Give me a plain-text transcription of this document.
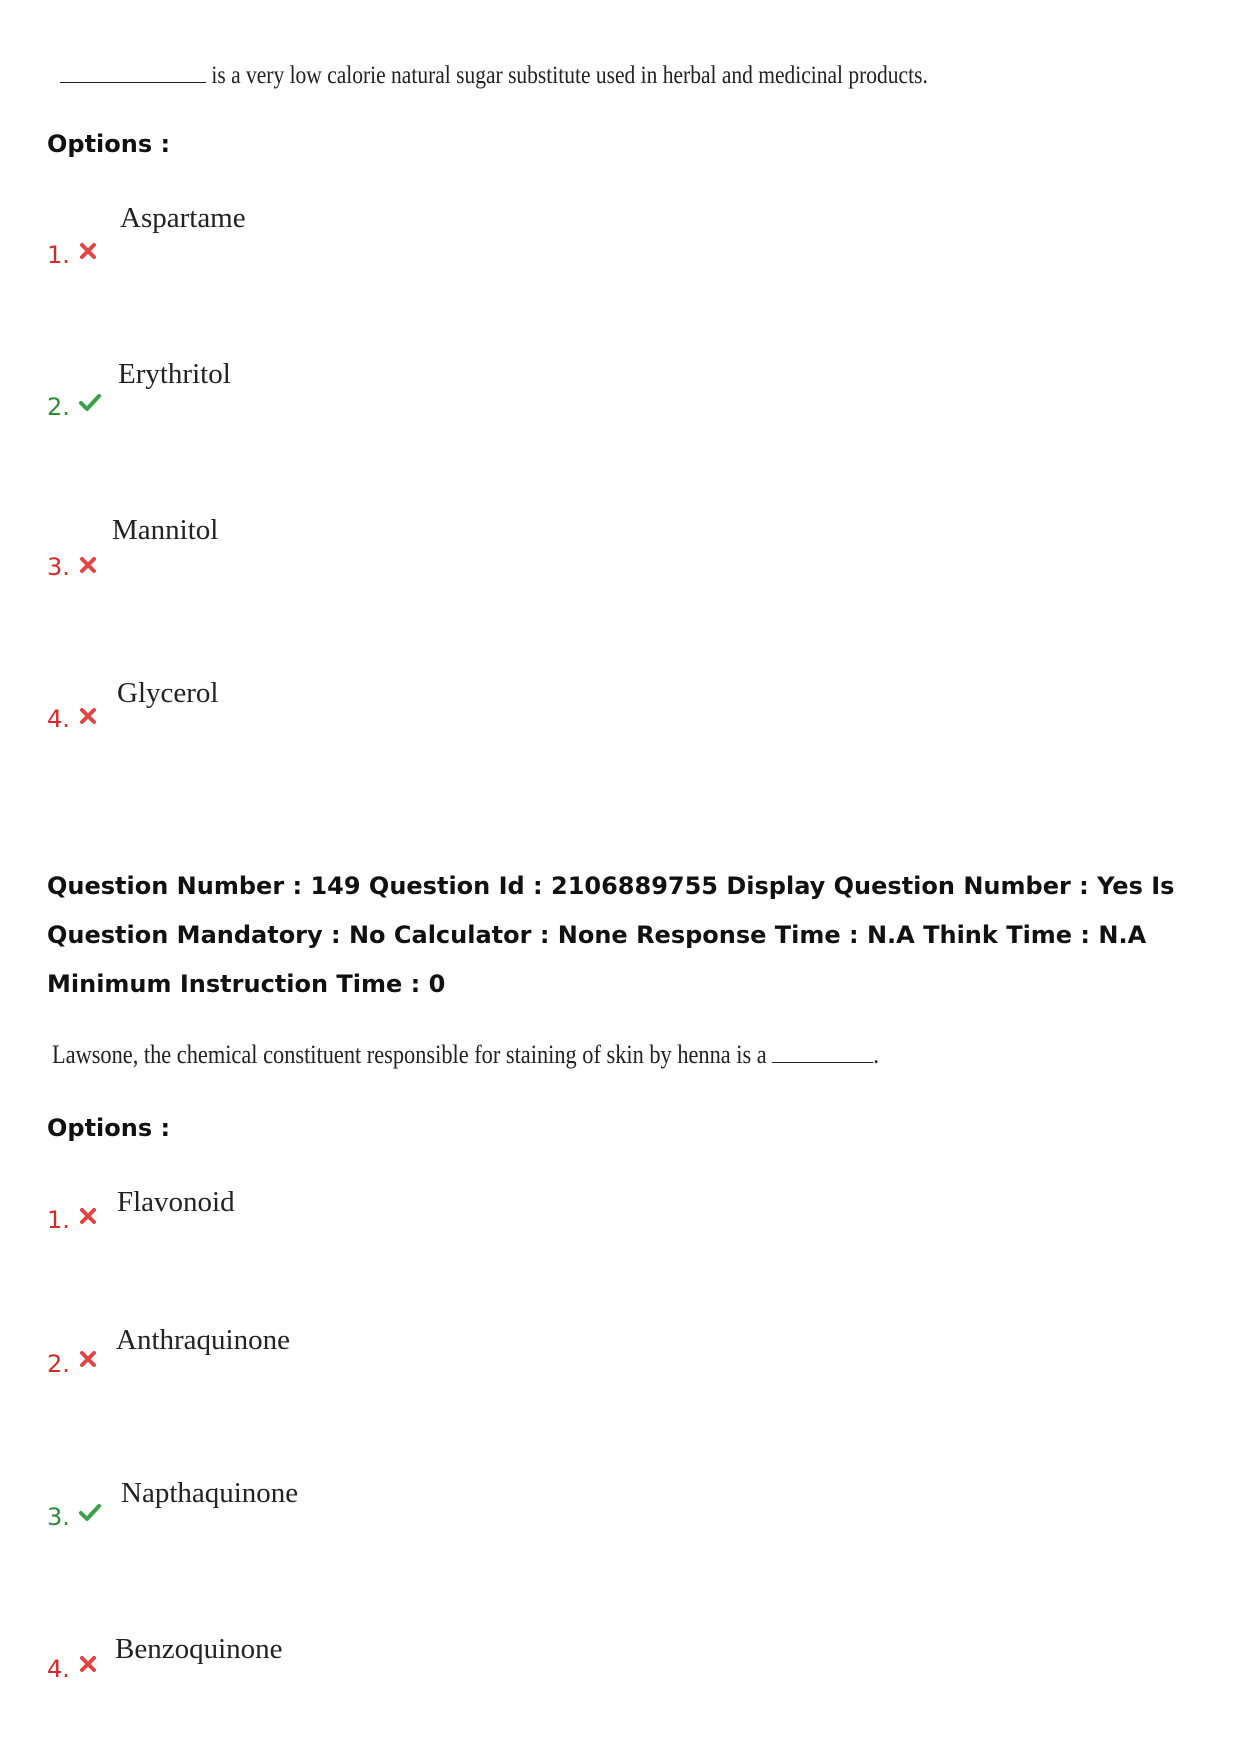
is a very low calorie natural sugar substitute used in herbal and medicinal products.
Options :
Aspartame
1.
Erythritol
2.
Mannitol
3.
Glycerol
4.
Question Number : 149 Question Id : 2106889755 Display Question Number : Yes Is Question Mandatory : No Calculator : None Response Time : N.A Think Time : N.A Minimum Instruction Time : 0
Lawsone, the chemical constituent responsible for staining of skin by henna is a	.
Options :
Flavonoid
1.
Anthraquinone
2.
Napthaquinone
3.
Benzoquinone
4.
